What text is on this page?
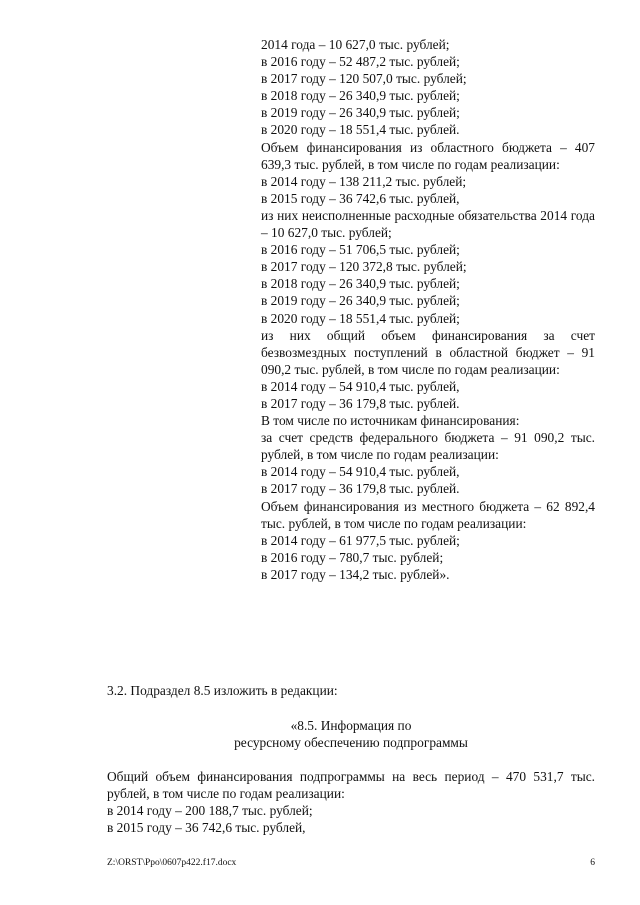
2014 года – 10 627,0 тыс. рублей;
в 2016 году – 52 487,2 тыс. рублей;
в 2017 году – 120 507,0 тыс. рублей;
в 2018 году – 26 340,9 тыс. рублей;
в 2019 году – 26 340,9 тыс. рублей;
в 2020 году – 18 551,4 тыс. рублей.
Объем финансирования из областного бюджета – 407 639,3 тыс. рублей, в том числе по годам реализации:
в 2014 году – 138 211,2 тыс. рублей;
в 2015 году – 36 742,6 тыс. рублей,
из них неисполненные расходные обязательства 2014 года – 10 627,0 тыс. рублей;
в 2016 году – 51 706,5 тыс. рублей;
в 2017 году – 120 372,8 тыс. рублей;
в 2018 году – 26 340,9 тыс. рублей;
в 2019 году – 26 340,9 тыс. рублей;
в 2020 году – 18 551,4 тыс. рублей;
из них общий объем финансирования за счет безвозмездных поступлений в областной бюджет – 91 090,2 тыс. рублей, в том числе по годам реализации:
в 2014 году – 54 910,4 тыс. рублей,
в 2017 году – 36 179,8 тыс. рублей.
В том числе по источникам финансирования:
за счет средств федерального бюджета – 91 090,2 тыс. рублей, в том числе по годам реализации:
в 2014 году – 54 910,4 тыс. рублей,
в 2017 году – 36 179,8 тыс. рублей.
Объем финансирования из местного бюджета – 62 892,4 тыс. рублей, в том числе по годам реализации:
в 2014 году – 61 977,5 тыс. рублей;
в 2016 году – 780,7 тыс. рублей;
в 2017 году – 134,2 тыс. рублей».
3.2. Подраздел 8.5 изложить в редакции:
«8.5. Информация по
ресурсному обеспечению подпрограммы
Общий объем финансирования подпрограммы на весь период – 470 531,7 тыс. рублей, в том числе по годам реализации:
в 2014 году – 200 188,7 тыс. рублей;
в 2015 году – 36 742,6 тыс. рублей,
Z:\ORST\Ppo\0607p422.f17.docx	6
